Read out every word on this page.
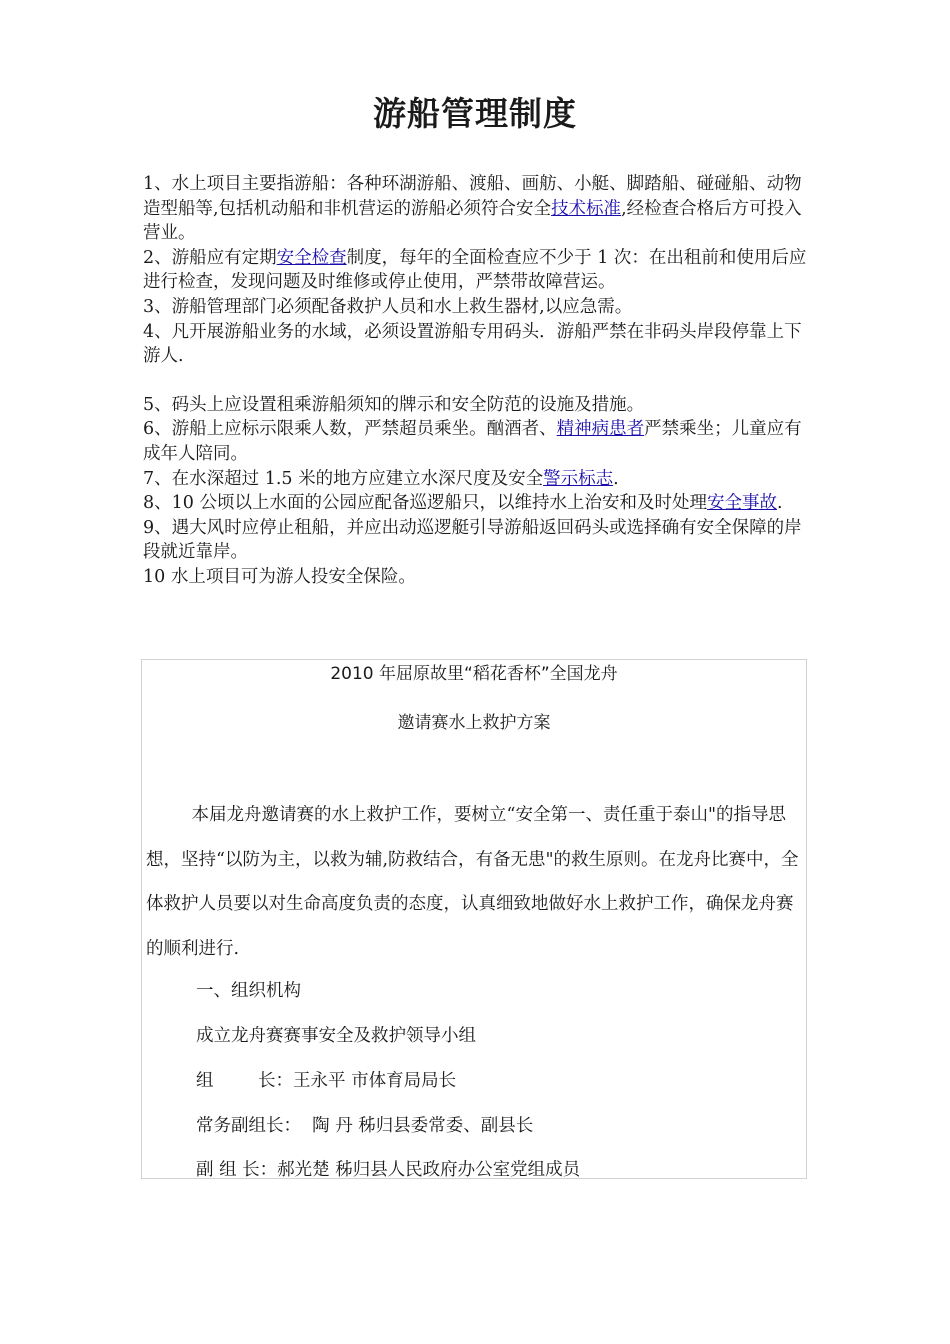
游船管理制度

1、水上项目主要指游船：各种环湖游船、渡船、画舫、小艇、脚踏船、碰碰船、动物造型船等,包括机动船和非机营运的游船必须符合安全技术标准,经检查合格后方可投入营业。

2、游船应有定期安全检查制度，每年的全面检查应不少于 1 次：在出租前和使用后应进行检查，发现问题及时维修或停止使用，严禁带故障营运。

3、游船管理部门必须配备救护人员和水上救生器材,以应急需。

4、凡开展游船业务的水域，必须设置游船专用码头．游船严禁在非码头岸段停靠上下游人.

5、码头上应设置租乘游船须知的牌示和安全防范的设施及措施。

6、游船上应标示限乘人数，严禁超员乘坐。酗酒者、精神病患者严禁乘坐；儿童应有成年人陪同。

7、在水深超过 1.5 米的地方应建立水深尺度及安全警示标志.

8、10 公顷以上水面的公园应配备巡逻船只，以维持水上治安和及时处理安全事故.

9、遇大风时应停止租船，并应出动巡逻艇引导游船返回码头或选择确有安全保障的岸段就近靠岸。

10 水上项目可为游人投安全保险。

2010 年屈原故里“稻花香杯”全国龙舟

邀请赛水上救护方案

本届龙舟邀请赛的水上救护工作，要树立“安全第一、责任重于泰山"的指导思想，坚持“以防为主，以救为辅,防救结合，有备无患"的救生原则。在龙舟比赛中，全体救护人员要以对生命高度负责的态度，认真细致地做好水上救护工作，确保龙舟赛的顺利进行.

一、组织机构

成立龙舟赛赛事安全及救护领导小组

组        长：王永平 市体育局局长

常务副组长：  陶 丹 秭归县委常委、副县长

副 组 长：郝光楚 秭归县人民政府办公室党组成员
